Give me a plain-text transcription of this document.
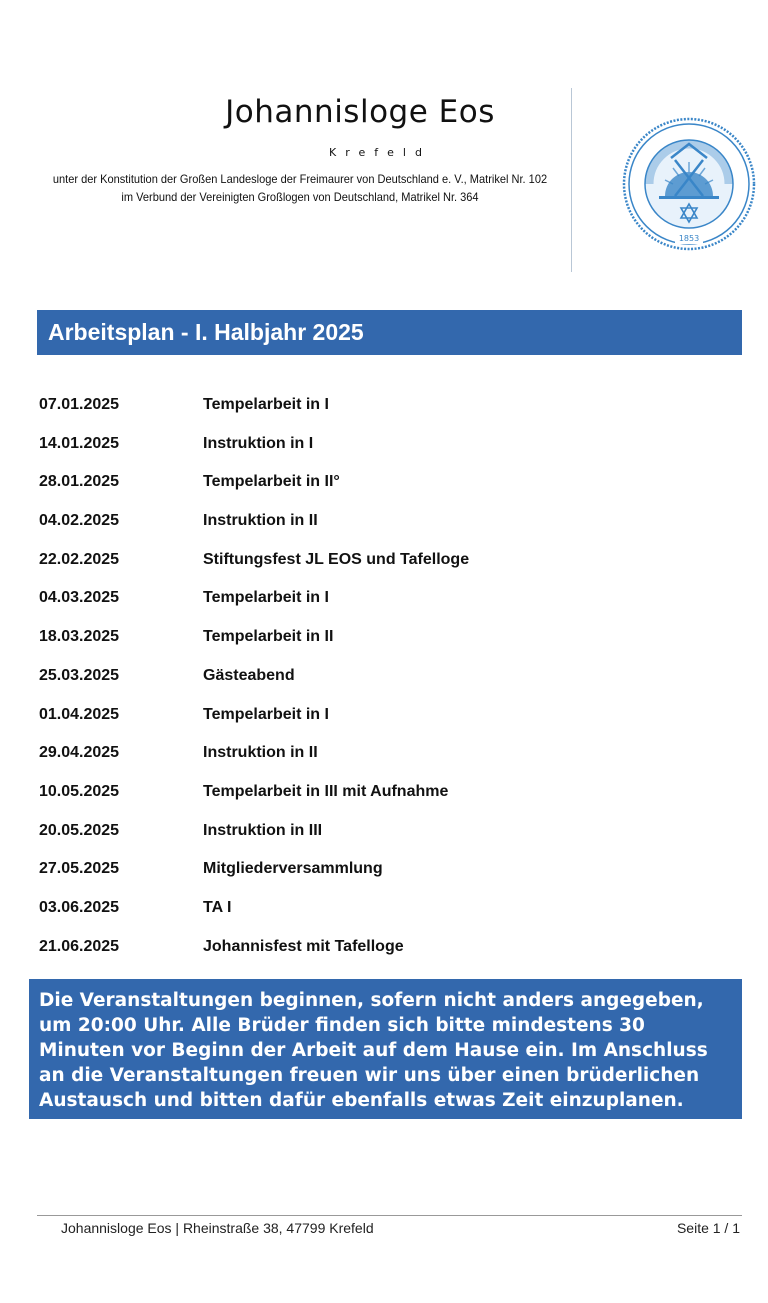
Johannisloge Eos
Krefeld
unter der Konstitution der Großen Landesloge der Freimaurer von Deutschland e. V., Matrikel Nr. 102
im Verbund der Vereinigten Großlogen von Deutschland, Matrikel Nr. 364
1853
Arbeitsplan - I. Halbjahr 2025
07.01.2025	Tempelarbeit in I
14.01.2025	Instruktion in I
28.01.2025	Tempelarbeit in II°
04.02.2025	Instruktion in II
22.02.2025	Stiftungsfest JL EOS und Tafelloge
04.03.2025	Tempelarbeit in I
18.03.2025	Tempelarbeit in II
25.03.2025	Gästeabend
01.04.2025	Tempelarbeit in I
29.04.2025	Instruktion in II
10.05.2025	Tempelarbeit in III mit Aufnahme
20.05.2025	Instruktion in III
27.05.2025	Mitgliederversammlung
03.06.2025	TA I
21.06.2025	Johannisfest mit Tafelloge

Die Veranstaltungen beginnen, sofern nicht anders angegeben, um 20:00 Uhr. Alle Brüder finden sich bitte mindestens 30 Minuten vor Beginn der Arbeit auf dem Hause ein. Im Anschluss an die Veranstaltungen freuen wir uns über einen brüderlichen Austausch und bitten dafür ebenfalls etwas Zeit einzuplanen.

Johannisloge Eos | Rheinstraße 38, 47799 Krefeld	Seite 1 / 1
